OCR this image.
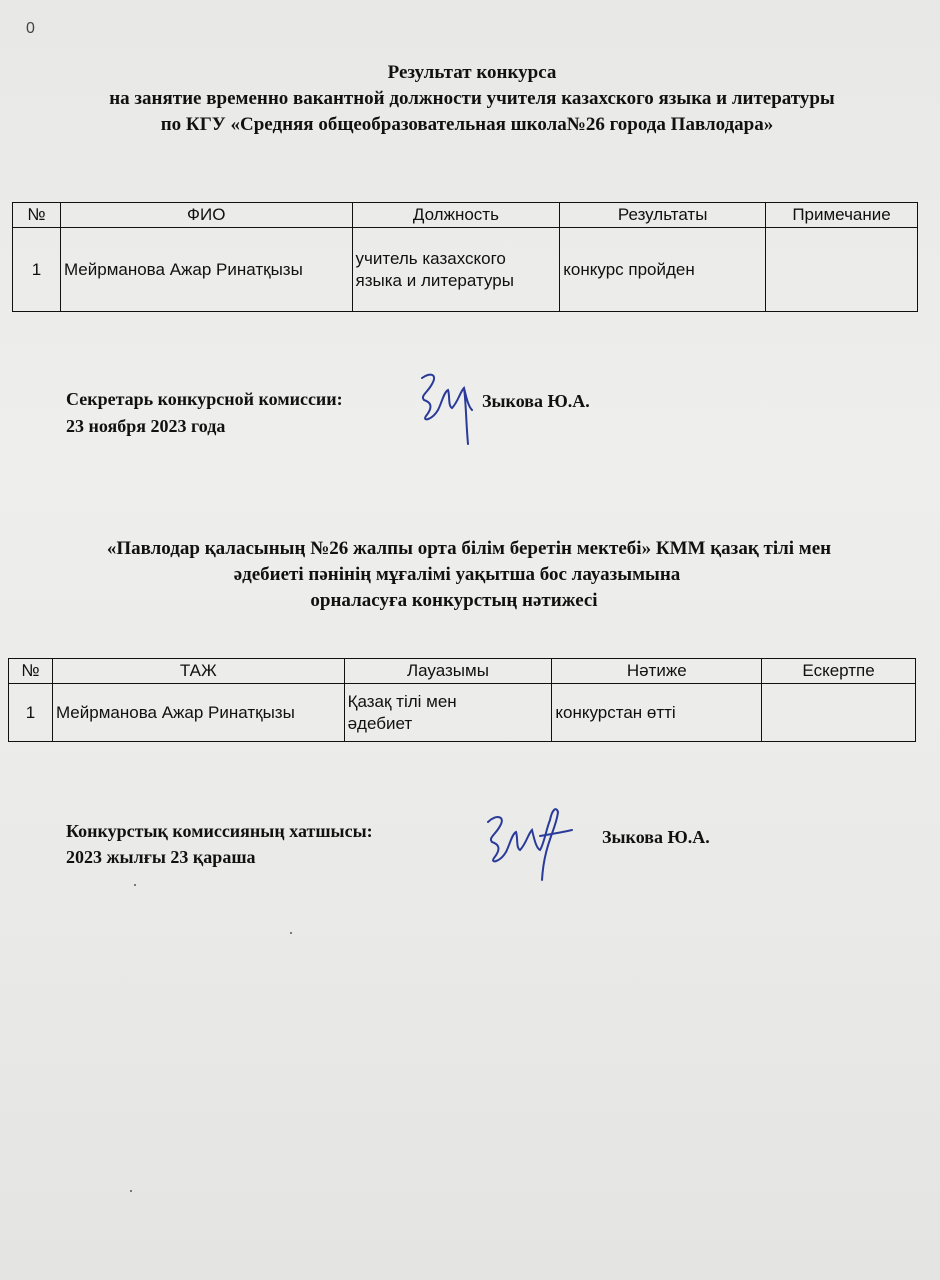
0
Результат конкурса
на занятие временно вакантной должности учителя казахского языка и литературы
по КГУ «Средняя общеобразовательная школа№26 города Павлодара»
№	ФИО	Должность	Результаты	Примечание
1	Мейрманова Ажар Ринатқызы	учитель казахского
языка и литературы	конкурс пройден	
Секретарь конкурсной комиссии:
23 ноября 2023 года
Зыкова Ю.А.
«Павлодар қаласының №26 жалпы орта білім беретін мектебі» КММ қазақ тілі мен
әдебиеті пәнінің мұғалімі уақытша бос лауазымына
орналасуға конкурстың нәтижесі
№	ТАЖ	Лауазымы	Нәтиже	Ескертпе
1	Мейрманова Ажар Ринатқызы	Қазақ тілі мен
әдебиет	конкурстан өтті	
Конкурстық комиссияның хатшысы:
2023 жылғы 23 қараша
Зыкова Ю.А.
